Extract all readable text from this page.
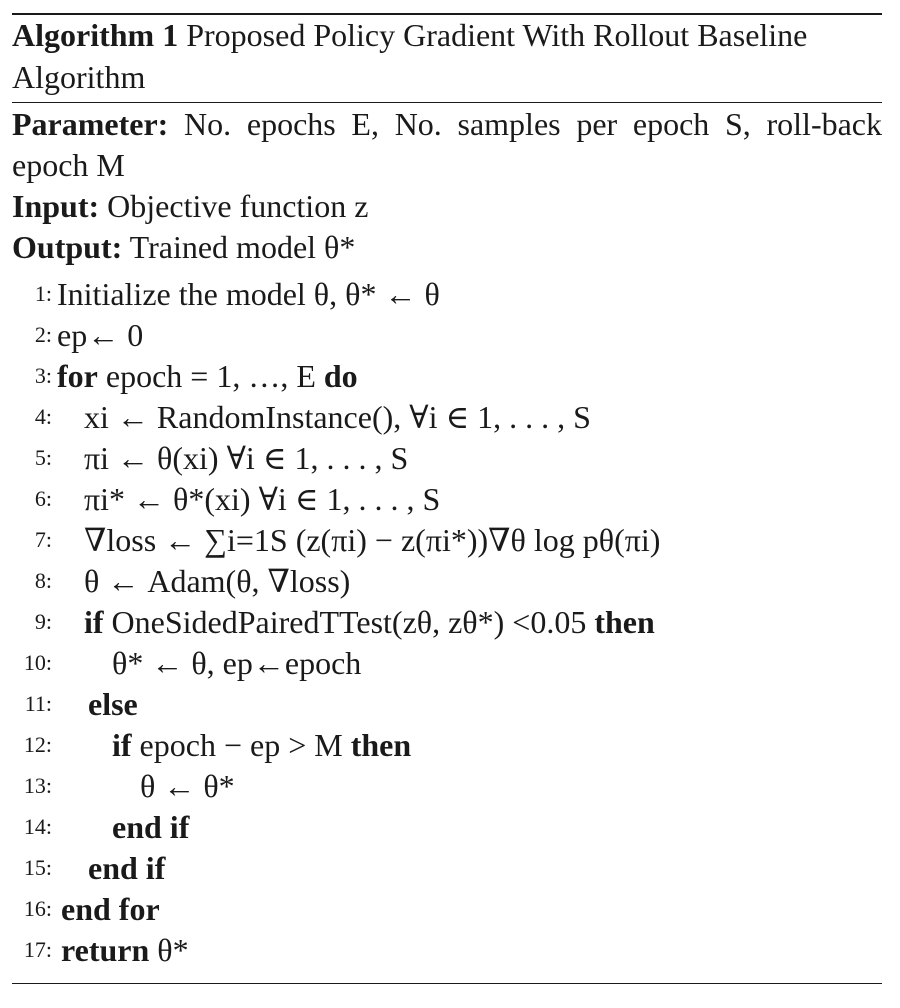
Algorithm 1 Proposed Policy Gradient With Rollout Baseline Algorithm
Parameter: No. epochs E, No. samples per epoch S, roll-back epoch M
Input: Objective function z
Output: Trained model θ*
1: Initialize the model θ, θ* ← θ
2: ep← 0
3: for epoch = 1, …, E do
4: xi ← RandomInstance(), ∀i ∈ 1, . . . , S
5: πi ← θ(xi) ∀i ∈ 1, . . . , S
6: πi* ← θ*(xi) ∀i ∈ 1, . . . , S
7: ∇loss ← ∑i=1S (z(πi) − z(πi*))∇θ log pθ(πi)
8: θ ← Adam(θ, ∇loss)
9: if OneSidedPairedTTest(zθ, zθ*) <0.05 then
10: θ* ← θ, ep←epoch
11: else
12: if epoch − ep > M then
13:	θ ← θ*
14: end if
15: end if
16: end for
17: return θ*
